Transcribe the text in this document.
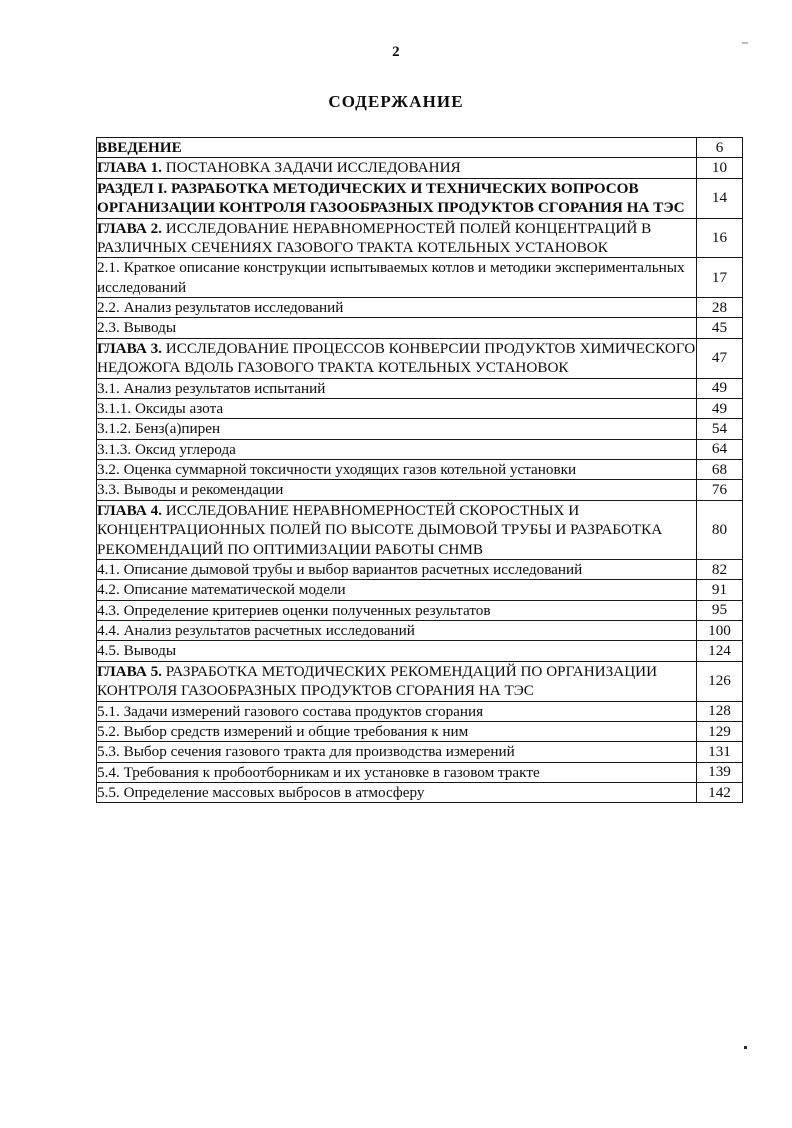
2
СОДЕРЖАНИЕ
ВВЕДЕНИЕ	6
ГЛАВА 1. ПОСТАНОВКА ЗАДАЧИ ИССЛЕДОВАНИЯ	10
РАЗДЕЛ I. РАЗРАБОТКА МЕТОДИЧЕСКИХ И ТЕХНИЧЕСКИХ ВОПРОСОВ ОРГАНИЗАЦИИ КОНТРОЛЯ ГАЗООБРАЗНЫХ ПРОДУКТОВ СГОРАНИЯ НА ТЭС	14
ГЛАВА 2. ИССЛЕДОВАНИЕ НЕРАВНОМЕРНОСТЕЙ ПОЛЕЙ КОНЦЕНТРАЦИЙ В РАЗЛИЧНЫХ СЕЧЕНИЯХ ГАЗОВОГО ТРАКТА КОТЕЛЬНЫХ УСТАНОВОК	16
2.1. Краткое описание конструкции испытываемых котлов и методики экспериментальных исследований	17
2.2. Анализ результатов исследований	28
2.3. Выводы	45
ГЛАВА 3. ИССЛЕДОВАНИЕ ПРОЦЕССОВ КОНВЕРСИИ ПРОДУКТОВ ХИМИЧЕСКОГО НЕДОЖОГА ВДОЛЬ ГАЗОВОГО ТРАКТА КОТЕЛЬНЫХ УСТАНОВОК	47
3.1. Анализ результатов испытаний	49
3.1.1. Оксиды азота	49
3.1.2. Бенз(а)пирен	54
3.1.3. Оксид углерода	64
3.2. Оценка суммарной токсичности уходящих газов котельной установки	68
3.3. Выводы и рекомендации	76
ГЛАВА 4. ИССЛЕДОВАНИЕ НЕРАВНОМЕРНОСТЕЙ СКОРОСТНЫХ И КОНЦЕНТРАЦИОННЫХ ПОЛЕЙ ПО ВЫСОТЕ ДЫМОВОЙ ТРУБЫ И РАЗРАБОТКА РЕКОМЕНДАЦИЙ ПО ОПТИМИЗАЦИИ РАБОТЫ СНМВ	80
4.1. Описание дымовой трубы и выбор вариантов расчетных исследований	82
4.2. Описание математической модели	91
4.3. Определение критериев оценки полученных результатов	95
4.4. Анализ результатов расчетных исследований	100
4.5. Выводы	124
ГЛАВА 5. РАЗРАБОТКА МЕТОДИЧЕСКИХ РЕКОМЕНДАЦИЙ ПО ОРГАНИЗАЦИИ КОНТРОЛЯ ГАЗООБРАЗНЫХ ПРОДУКТОВ СГОРАНИЯ НА ТЭС	126
5.1. Задачи измерений газового состава продуктов сгорания	128
5.2. Выбор средств измерений и общие требования к ним	129
5.3. Выбор сечения газового тракта для производства измерений	131
5.4. Требования к пробоотборникам и их установке в газовом тракте	139
5.5. Определение массовых выбросов в атмосферу	142
